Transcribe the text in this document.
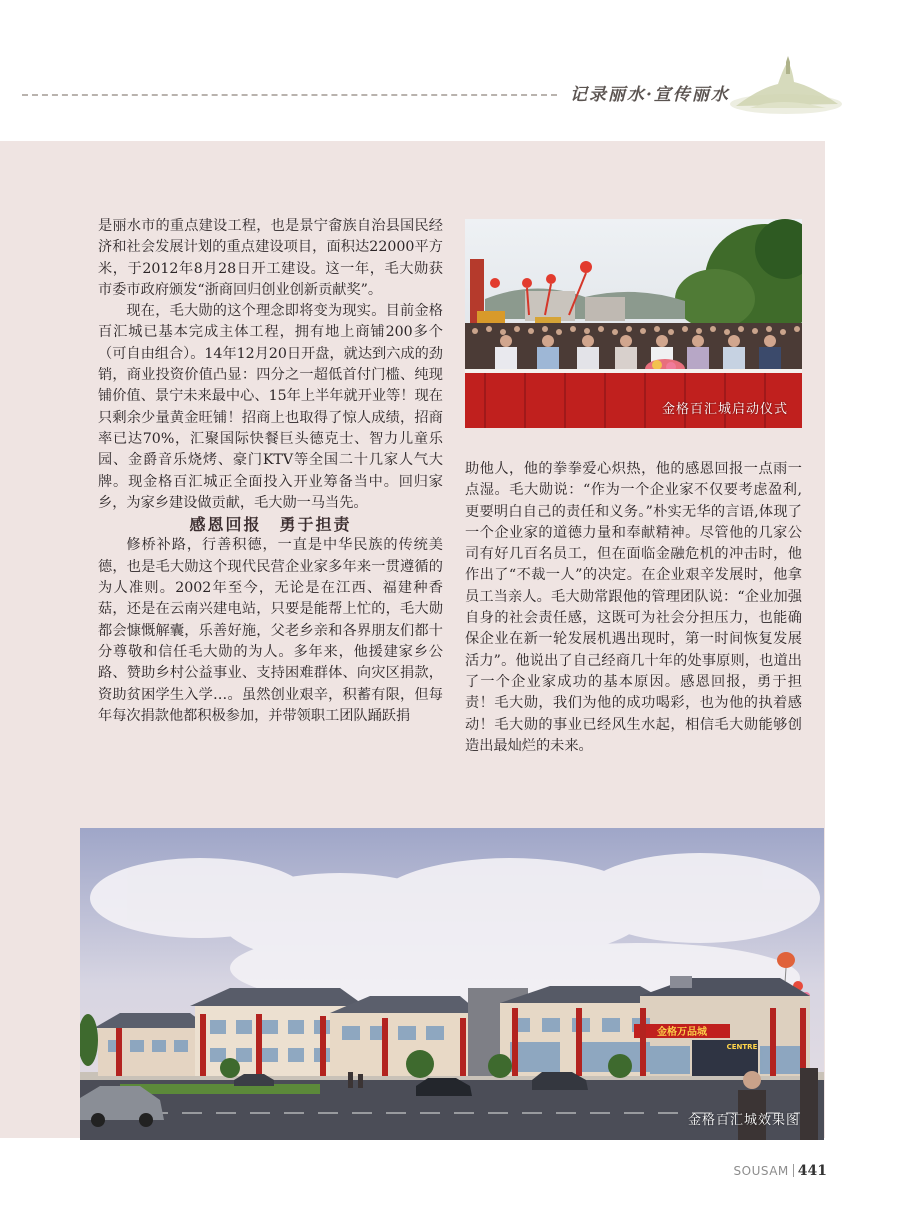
记录丽水·宣传丽水

是丽水市的重点建设工程，也是景宁畲族自治县国民经济和社会发展计划的重点建设项目，面积达22000平方米，于2012年8月28日开工建设。这一年，毛大勋获市委市政府颁发“浙商回归创业创新贡献奖”。

现在，毛大勋的这个理念即将变为现实。目前金格百汇城已基本完成主体工程，拥有地上商铺200多个（可自由组合）。14年12月20日开盘，就达到六成的劲销，商业投资价值凸显：四分之一超低首付门槛、纯现铺价值、景宁未来最中心、15年上半年就开业等！现在只剩余少量黄金旺铺！招商上也取得了惊人成绩，招商率已达70%，汇聚国际快餐巨头德克士、智力儿童乐园、金爵音乐烧烤、豪门KTV等全国二十几家人气大牌。现金格百汇城正全面投入开业筹备当中。回归家乡，为家乡建设做贡献，毛大勋一马当先。

感恩回报　勇于担责

修桥补路，行善积德，一直是中华民族的传统美德，也是毛大勋这个现代民营企业家多年来一贯遵循的为人准则。2002年至今，无论是在江西、福建种香菇，还是在云南兴建电站，只要是能帮上忙的，毛大勋都会慷慨解囊，乐善好施，父老乡亲和各界朋友们都十分尊敬和信任毛大勋的为人。多年来，他援建家乡公路、赞助乡村公益事业、支持困难群体、向灾区捐款，资助贫困学生入学…。虽然创业艰辛，积蓄有限，但每年每次捐款他都积极参加，并带领职工团队踊跃捐

金格百汇城启动仪式

助他人，他的拳拳爱心炽热，他的感恩回报一点雨一点湿。毛大勋说：“作为一个企业家不仅要考虑盈利,更要明白自己的责任和义务。”朴实无华的言语,体现了一个企业家的道德力量和奉献精神。尽管他的几家公司有好几百名员工，但在面临金融危机的冲击时，他作出了“不裁一人”的决定。在企业艰辛发展时，他拿员工当亲人。毛大勋常跟他的管理团队说：“企业加强自身的社会责任感，这既可为社会分担压力，也能确保企业在新一轮发展机遇出现时，第一时间恢复发展活力”。他说出了自己经商几十年的处事原则，也道出了一个企业家成功的基本原因。感恩回报，勇于担责！毛大勋，我们为他的成功喝彩，也为他的执着感动！毛大勋的事业已经风生水起，相信毛大勋能够创造出最灿烂的未来。

金格万品城
CENTRE
金格百汇城效果图
SOUSAM 441
